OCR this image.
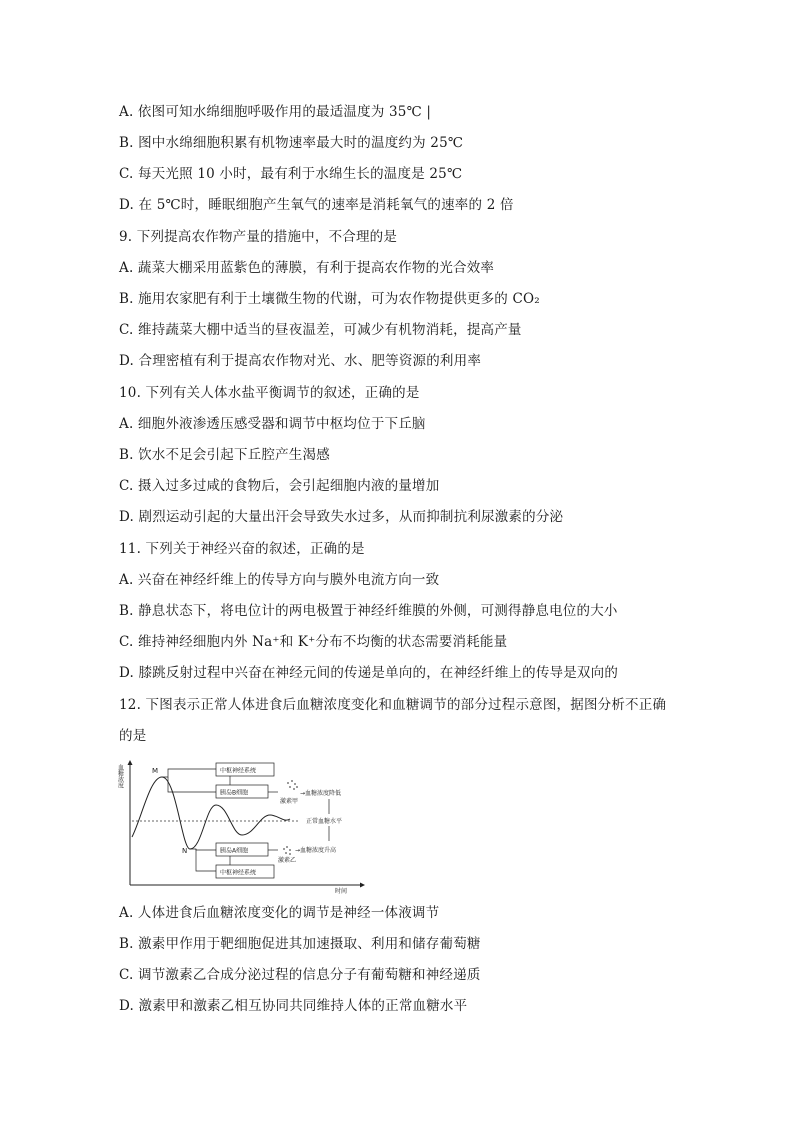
A. 依图可知水绵细胞呼吸作用的最适温度为 35℃ |
B. 图中水绵细胞积累有机物速率最大时的温度约为 25℃
C. 每天光照 10 小时，最有利于水绵生长的温度是 25℃
D. 在 5℃时，睡眠细胞产生氧气的速率是消耗氧气的速率的 2 倍
9. 下列提高农作物产量的措施中，不合理的是
A. 蔬菜大棚采用蓝紫色的薄膜，有利于提高农作物的光合效率
B. 施用农家肥有利于土壤微生物的代谢，可为农作物提供更多的 CO₂
C. 维持蔬菜大棚中适当的昼夜温差，可减少有机物消耗，提高产量
D. 合理密植有利于提高农作物对光、水、肥等资源的利用率
10. 下列有关人体水盐平衡调节的叙述，正确的是
A. 细胞外液渗透压感受器和调节中枢均位于下丘脑
B. 饮水不足会引起下丘腔产生渴感
C. 摄入过多过咸的食物后，会引起细胞内液的量增加
D. 剧烈运动引起的大量出汗会导致失水过多，从而抑制抗利尿激素的分泌
11. 下列关于神经兴奋的叙述，正确的是
A. 兴奋在神经纤维上的传导方向与膜外电流方向一致
B. 静息状态下，将电位计的两电极置于神经纤维膜的外侧，可测得静息电位的大小
C. 维持神经细胞内外 Na⁺和 K⁺分布不均衡的状态需要消耗能量
D. 膝跳反射过程中兴奋在神经元间的传递是单向的，在神经纤维上的传导是双向的
12. 下图表示正常人体进食后血糖浓度变化和血糖调节的部分过程示意图，据图分析不正确
的是
血糖浓度
时间
M
N
中枢神经系统
胰岛B细胞
激素甲
→血糖浓度降低
正常血糖水平
胰岛A细胞
中枢神经系统
激素乙
→血糖浓度升高
A. 人体进食后血糖浓度变化的调节是神经一体液调节
B. 激素甲作用于靶细胞促进其加速摄取、利用和储存葡萄糖
C. 调节激素乙合成分泌过程的信息分子有葡萄糖和神经递质
D. 激素甲和激素乙相互协同共同维持人体的正常血糖水平
